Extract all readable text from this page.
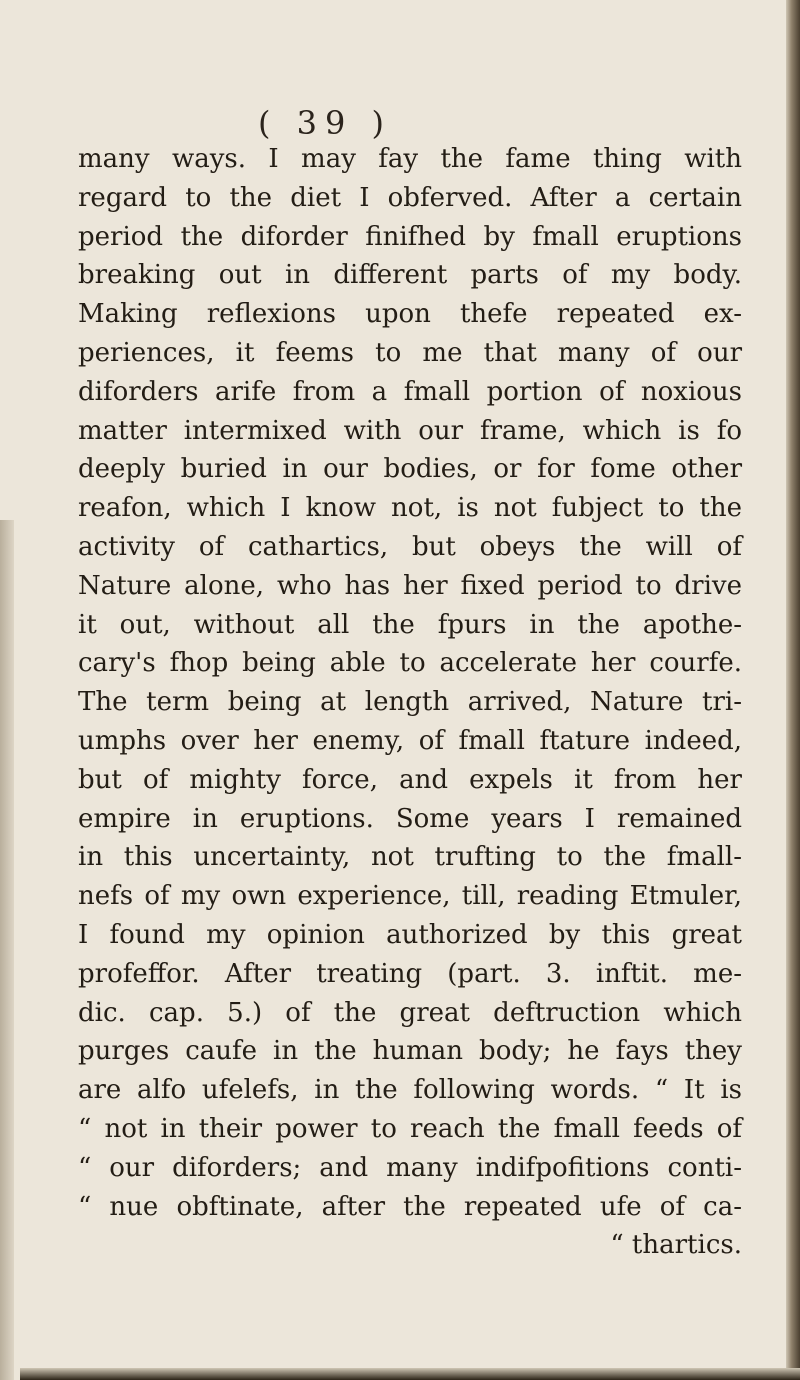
( 39 )
many ways. I may fay the fame thing with
regard to the diet I obferved. After a certain
period the diforder finifhed by fmall eruptions
breaking out in different parts of my body.
Making reflexions upon thefe repeated ex-
periences, it feems to me that many of our
diforders arife from a fmall portion of noxious
matter intermixed with our frame, which is fo
deeply buried in our bodies, or for fome other
reafon, which I know not, is not fubject to the
activity of cathartics, but obeys the will of
Nature alone, who has her fixed period to drive
it out, without all the fpurs in the apothe-
cary's fhop being able to accelerate her courfe.
The term being at length arrived, Nature tri-
umphs over her enemy, of fmall ftature indeed,
but of mighty force, and expels it from her
empire in eruptions. Some years I remained
in this uncertainty, not trufting to the fmall-
nefs of my own experience, till, reading Etmuler,
I found my opinion authorized by this great
profeffor. After treating (part. 3. inftit. me-
dic. cap. 5.) of the great deftruction which
purges caufe in the human body; he fays they
are alfo ufelefs, in the following words. “ It is
“ not in their power to reach the fmall feeds of
“ our diforders; and many indifpofitions conti-
“ nue obftinate, after the repeated ufe of ca-
“ thartics.
